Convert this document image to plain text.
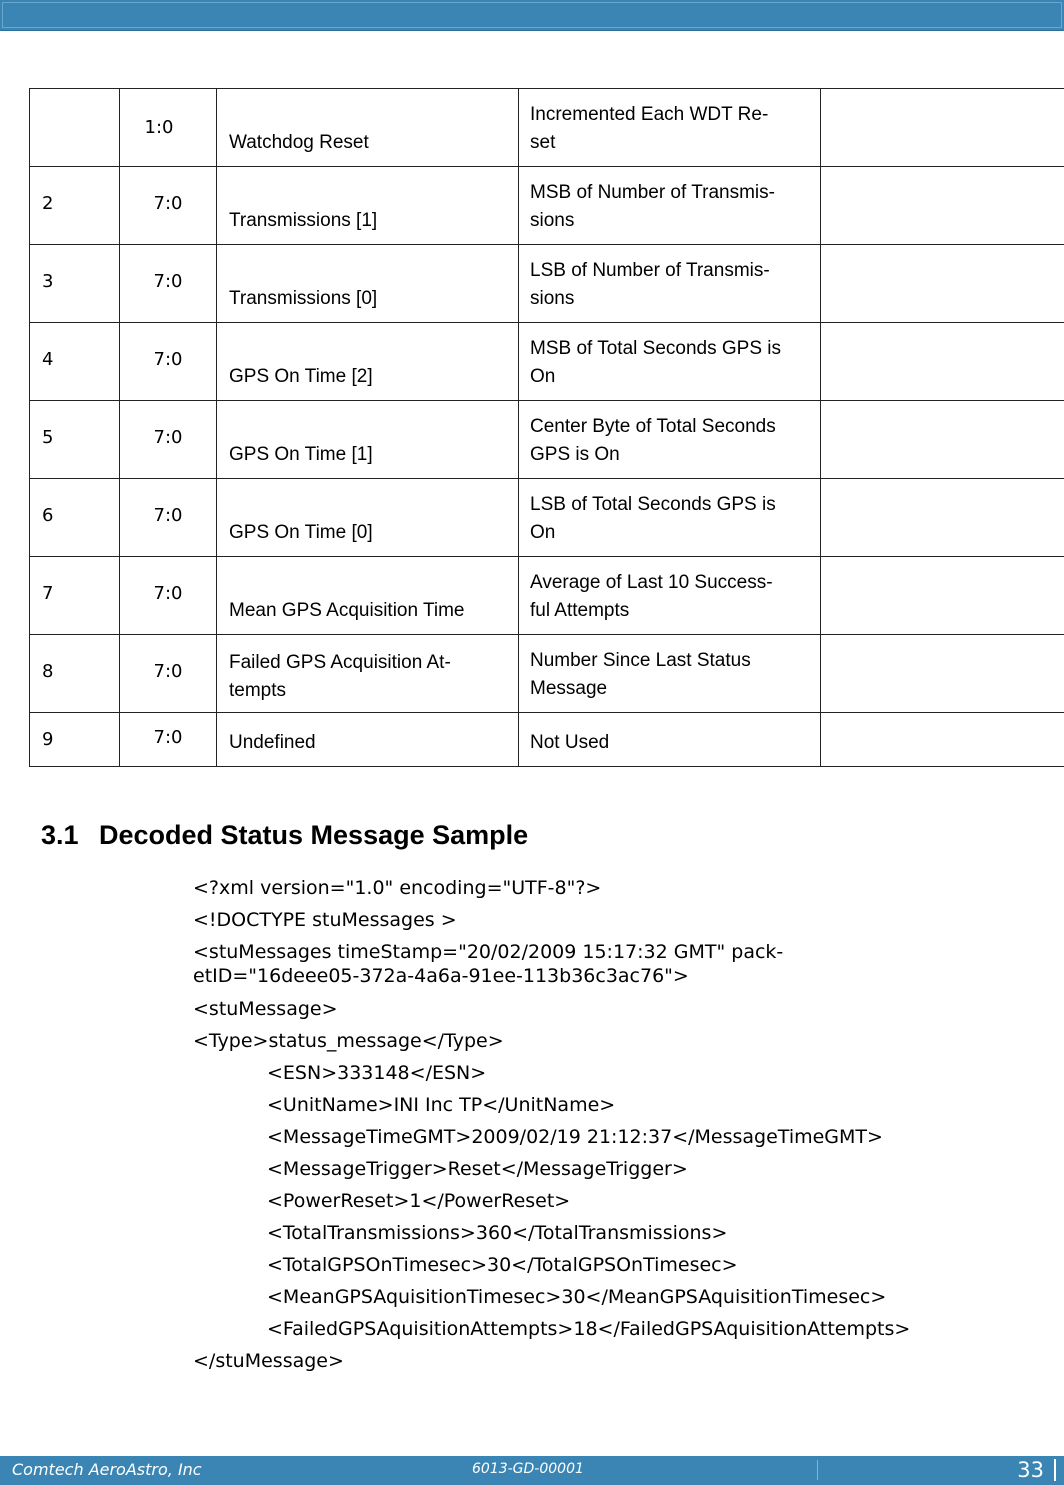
	1:0	Watchdog Reset	Incremented Each WDT Re-
set	
2	7:0	Transmissions [1]	MSB of Number of Transmis-
sions	
3	7:0	Transmissions [0]	LSB of Number of Transmis-
sions	
4	7:0	GPS On Time [2]	MSB of Total Seconds GPS is
On	
5	7:0	GPS On Time [1]	Center Byte of Total Seconds
GPS is On	
6	7:0	GPS On Time [0]	LSB of Total Seconds GPS is
On	
7	7:0	Mean GPS Acquisition Time	Average of Last 10 Success-
ful Attempts	
8	7:0	Failed GPS Acquisition At-
tempts	Number Since Last Status
Message	
9	7:0	Undefined	Not Used	
3.1 Decoded Status Message Sample
<?xml version="1.0" encoding="UTF-8"?>
<!DOCTYPE stuMessages >
<stuMessages timeStamp="20/02/2009 15:17:32 GMT" pack-etID="16deee05-372a-4a6a-91ee-113b36c3ac76">
<stuMessage>
<Type>status_message</Type>
<ESN>333148</ESN>
<UnitName>INI Inc TP</UnitName>
<MessageTimeGMT>2009/02/19 21:12:37</MessageTimeGMT>
<MessageTrigger>Reset</MessageTrigger>
<PowerReset>1</PowerReset>
<TotalTransmissions>360</TotalTransmissions>
<TotalGPSOnTimesec>30</TotalGPSOnTimesec>
<MeanGPSAquisitionTimesec>30</MeanGPSAquisitionTimesec>
<FailedGPSAquisitionAttempts>18</FailedGPSAquisitionAttempts>
</stuMessage>
Comtech AeroAstro, Inc	6013-GD-00001	33
